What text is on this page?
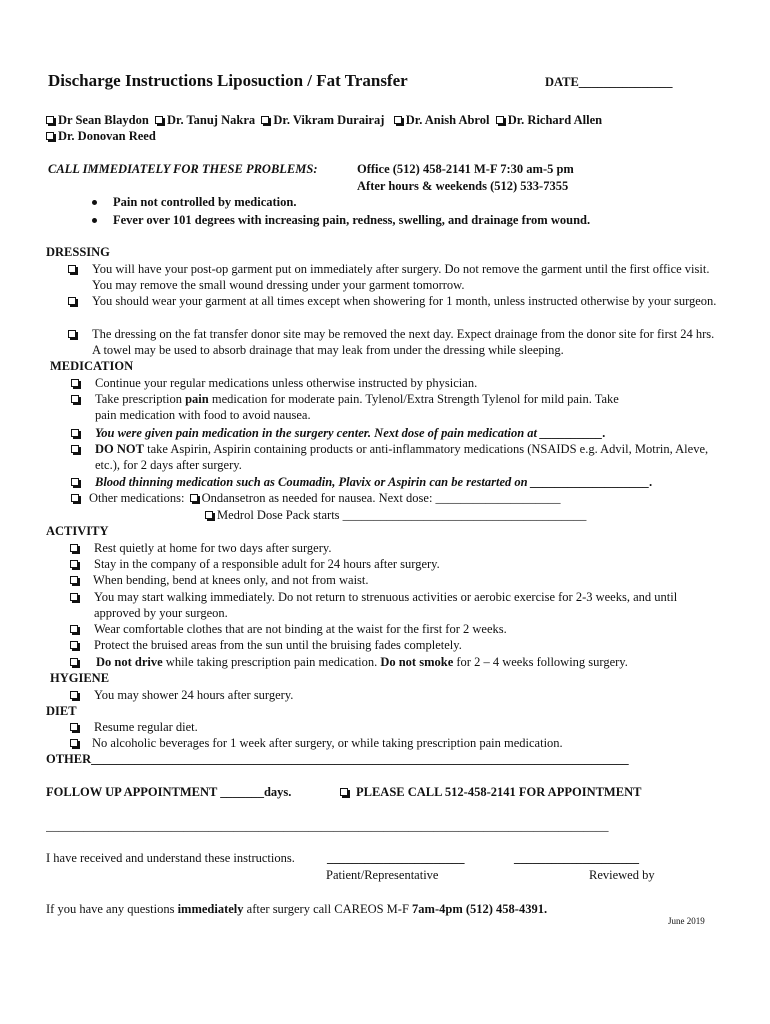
Discharge Instructions Liposuction / Fat Transfer	DATE_______________
Dr Sean Blaydon Dr. Tanuj Nakra Dr. Vikram Durairaj Dr. Anish Abrol Dr. Richard Allen
Dr. Donovan Reed
CALL IMMEDIATELY FOR THESE PROBLEMS:	Office (512) 458-2141 M-F 7:30 am-5 pm
After hours & weekends (512) 533-7355
Pain not controlled by medication.
Fever over 101 degrees with increasing pain, redness, swelling, and drainage from wound.
DRESSING
You will have your post-op garment put on immediately after surgery. Do not remove the garment until the first office visit. You may remove the small wound dressing under your garment tomorrow.
You should wear your garment at all times except when showering for 1 month, unless instructed otherwise by your surgeon.
The dressing on the fat transfer donor site may be removed the next day. Expect drainage from the donor site for first 24 hrs. A towel may be used to absorb drainage that may leak from under the dressing while sleeping.
MEDICATION
Continue your regular medications unless otherwise instructed by physician.
Take prescription pain medication for moderate pain. Tylenol/Extra Strength Tylenol for mild pain. Take pain medication with food to avoid nausea.
You were given pain medication in the surgery center. Next dose of pain medication at __________.
DO NOT take Aspirin, Aspirin containing products or anti-inflammatory medications (NSAIDS e.g. Advil, Motrin, Aleve, etc.), for 2 days after surgery.
Blood thinning medication such as Coumadin, Plavix or Aspirin can be restarted on ___________________.
Other medications: Ondansetron as needed for nausea. Next dose: ____________________
Medrol Dose Pack starts _______________________________________
ACTIVITY
Rest quietly at home for two days after surgery.
Stay in the company of a responsible adult for 24 hours after surgery.
When bending, bend at knees only, and not from waist.
You may start walking immediately. Do not return to strenuous activities or aerobic exercise for 2-3 weeks, and until approved by your surgeon.
Wear comfortable clothes that are not binding at the waist for the first for 2 weeks.
Protect the bruised areas from the sun until the bruising fades completely.
Do not drive while taking prescription pain medication. Do not smoke for 2 – 4 weeks following surgery.
HYGIENE
You may shower 24 hours after surgery.
DIET
Resume regular diet.
No alcoholic beverages for 1 week after surgery, or while taking prescription pain medication.
OTHER______________________________________________________________________________________
FOLLOW UP APPOINTMENT _______days.	PLEASE CALL 512-458-2141 FOR APPOINTMENT
__________________________________________________________________________________________
I have received and understand these instructions.	______________________	____________________
Patient/Representative	Reviewed by
If you have any questions immediately after surgery call CAREOS M-F 7am-4pm (512) 458-4391.
June 2019
